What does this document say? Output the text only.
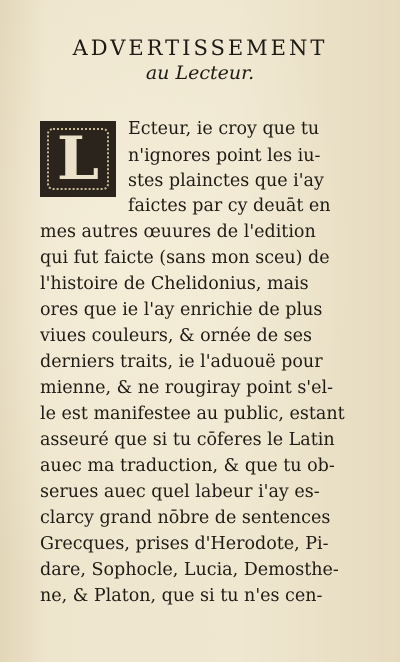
ADVERTISSEMENT
au Lecteur.
L Ecteur, ie croy que tu
n'ignores point les iu-
stes plainctes que i'ay
faictes par cy deuāt en
mes autres œuures de l'edition
qui fut faicte (sans mon sceu) de
l'histoire de Chelidonius, mais
ores que ie l'ay enrichie de plus
viues couleurs, & ornée de ses
derniers traits, ie l'aduouë pour
mienne, & ne rougiray point s'el-
le est manifestee au public, estant
asseuré que si tu cōferes le Latin
auec ma traduction, & que tu ob-
serues auec quel labeur i'ay es-
clarcy grand nōbre de sentences
Grecques, prises d'Herodote, Pi-
dare, Sophocle, Lucia, Demosthe-
ne, & Platon, que si tu n'es cen-
